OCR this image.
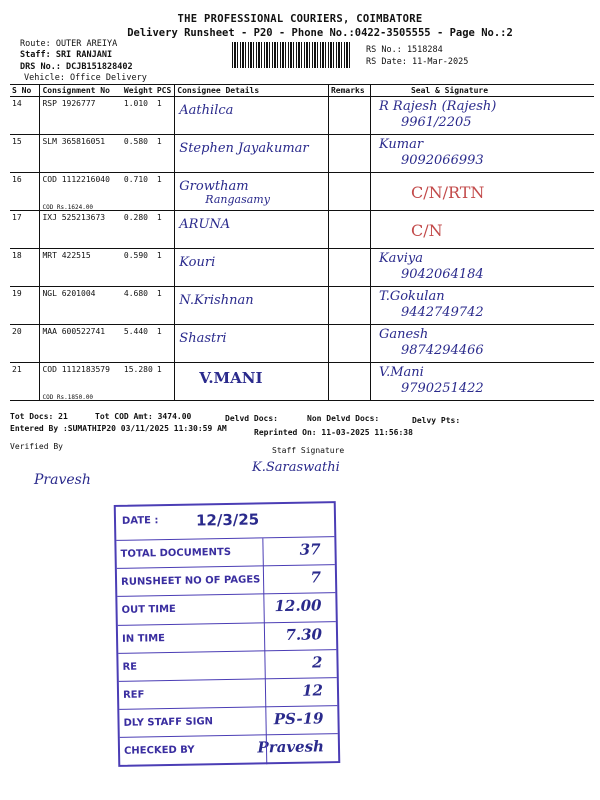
THE PROFESSIONAL COURIERS, COIMBATORE
Delivery Runsheet - P20 - Phone No.:0422-3505555 - Page No.:2
Route: OUTER AREIYA
Staff: SRI RANJANI
DRS No.: DCJB151828402
Vehicle: Office Delivery
RS No.: 1518284
RS Date: 11-Mar-2025
S No	Consignment No	Weight	PCS	Consignee Details	Remarks	Seal & Signature
14	RSP 1926777	1.010	1	Aathilca		R Rajesh (Rajesh)
9961/2205

15	SLM 365816051	0.580	1	Stephen Jayakumar		Kumar
9092066993

16	COD 1112216040
COD Rs.1624.00	0.710	1	Growtham
Rangasamy		C/N/RTN

17	IXJ 525213673	0.280	1	ARUNA		C/N

18	MRT 422515	0.590	1	Kouri		Kaviya
9042064184

19	NGL 6201004	4.680	1	N.Krishnan		T.Gokulan
9442749742

20	MAA 600522741	5.440	1	Shastri		Ganesh
9874294466

21	COD 1112183579
COD Rs.1850.00	15.280	1	V.MANI		V.Mani
9790251422
Tot Docs: 21	Tot COD Amt: 3474.00	Delvd Docs:	Non Delvd Docs:	Delvy Pts:
Entered By :SUMATHIP20 03/11/2025 11:30:59 AM	Reprinted On: 11-03-2025 11:56:38
Verified By	Staff Signature
K.Saraswathi
Pravesh
DATE : 12/3/25
TOTAL DOCUMENTS	37
RUNSHEET NO OF PAGES	7
OUT TIME	12.00
IN TIME	7.30
RE	2
REF	12
DLY STAFF SIGN	PS-19
CHECKED BY	Pravesh
